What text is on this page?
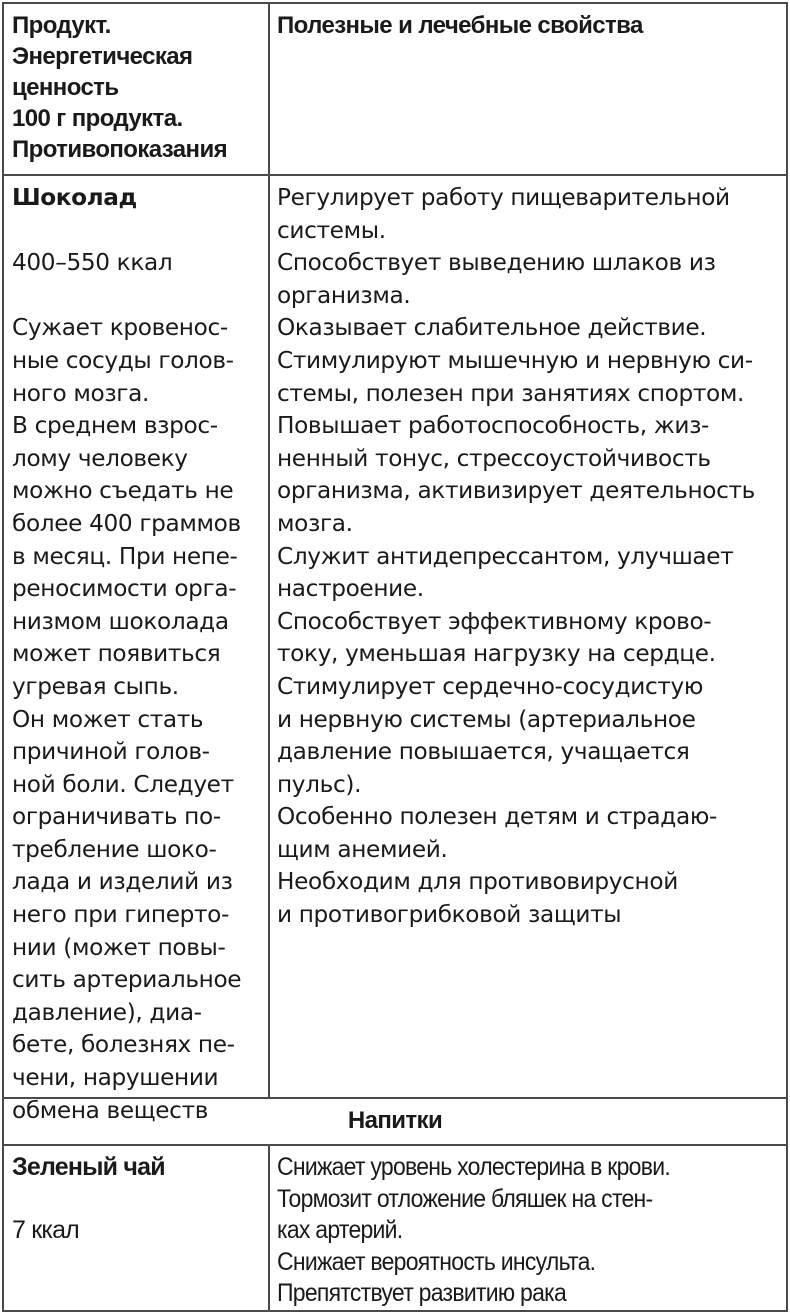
Продукт.
Энергетическая
ценность
100 г продукта.
Противопоказания
Полезные и лечебные свойства
Шоколад
400–550 ккал
Сужает кровенос-
ные сосуды голов-
ного мозга.
В среднем взрос-
лому человеку
можно съедать не
более 400 граммов
в месяц. При непе-
реносимости орга-
низмом шоколада
может появиться
угревая сыпь.
Он может стать
причиной голов-
ной боли. Следует
ограничивать по-
требление шоко-
лада и изделий из
него при гиперто-
нии (может повы-
сить артериальное
давление), диа-
бете, болезнях пе-
чени, нарушении
обмена веществ
Регулирует работу пищеварительной
системы.
Способствует выведению шлаков из
организма.
Оказывает слабительное действие.
Стимулируют мышечную и нервную си-
стемы, полезен при занятиях спортом.
Повышает работоспособность, жиз-
ненный тонус, стрессоустойчивость
организма, активизирует деятельность
мозга.
Служит антидепрессантом, улучшает
настроение.
Способствует эффективному крово-
току, уменьшая нагрузку на сердце.
Стимулирует сердечно-сосудистую
и нервную системы (артериальное
давление повышается, учащается
пульс).
Особенно полезен детям и страдаю-
щим анемией.
Необходим для противовирусной
и противогрибковой защиты
Напитки
Зеленый чай
7 ккал
Снижает уровень холестерина в крови.
Тормозит отложение бляшек на стен-
ках артерий.
Снижает вероятность инсульта.
Препятствует развитию рака
